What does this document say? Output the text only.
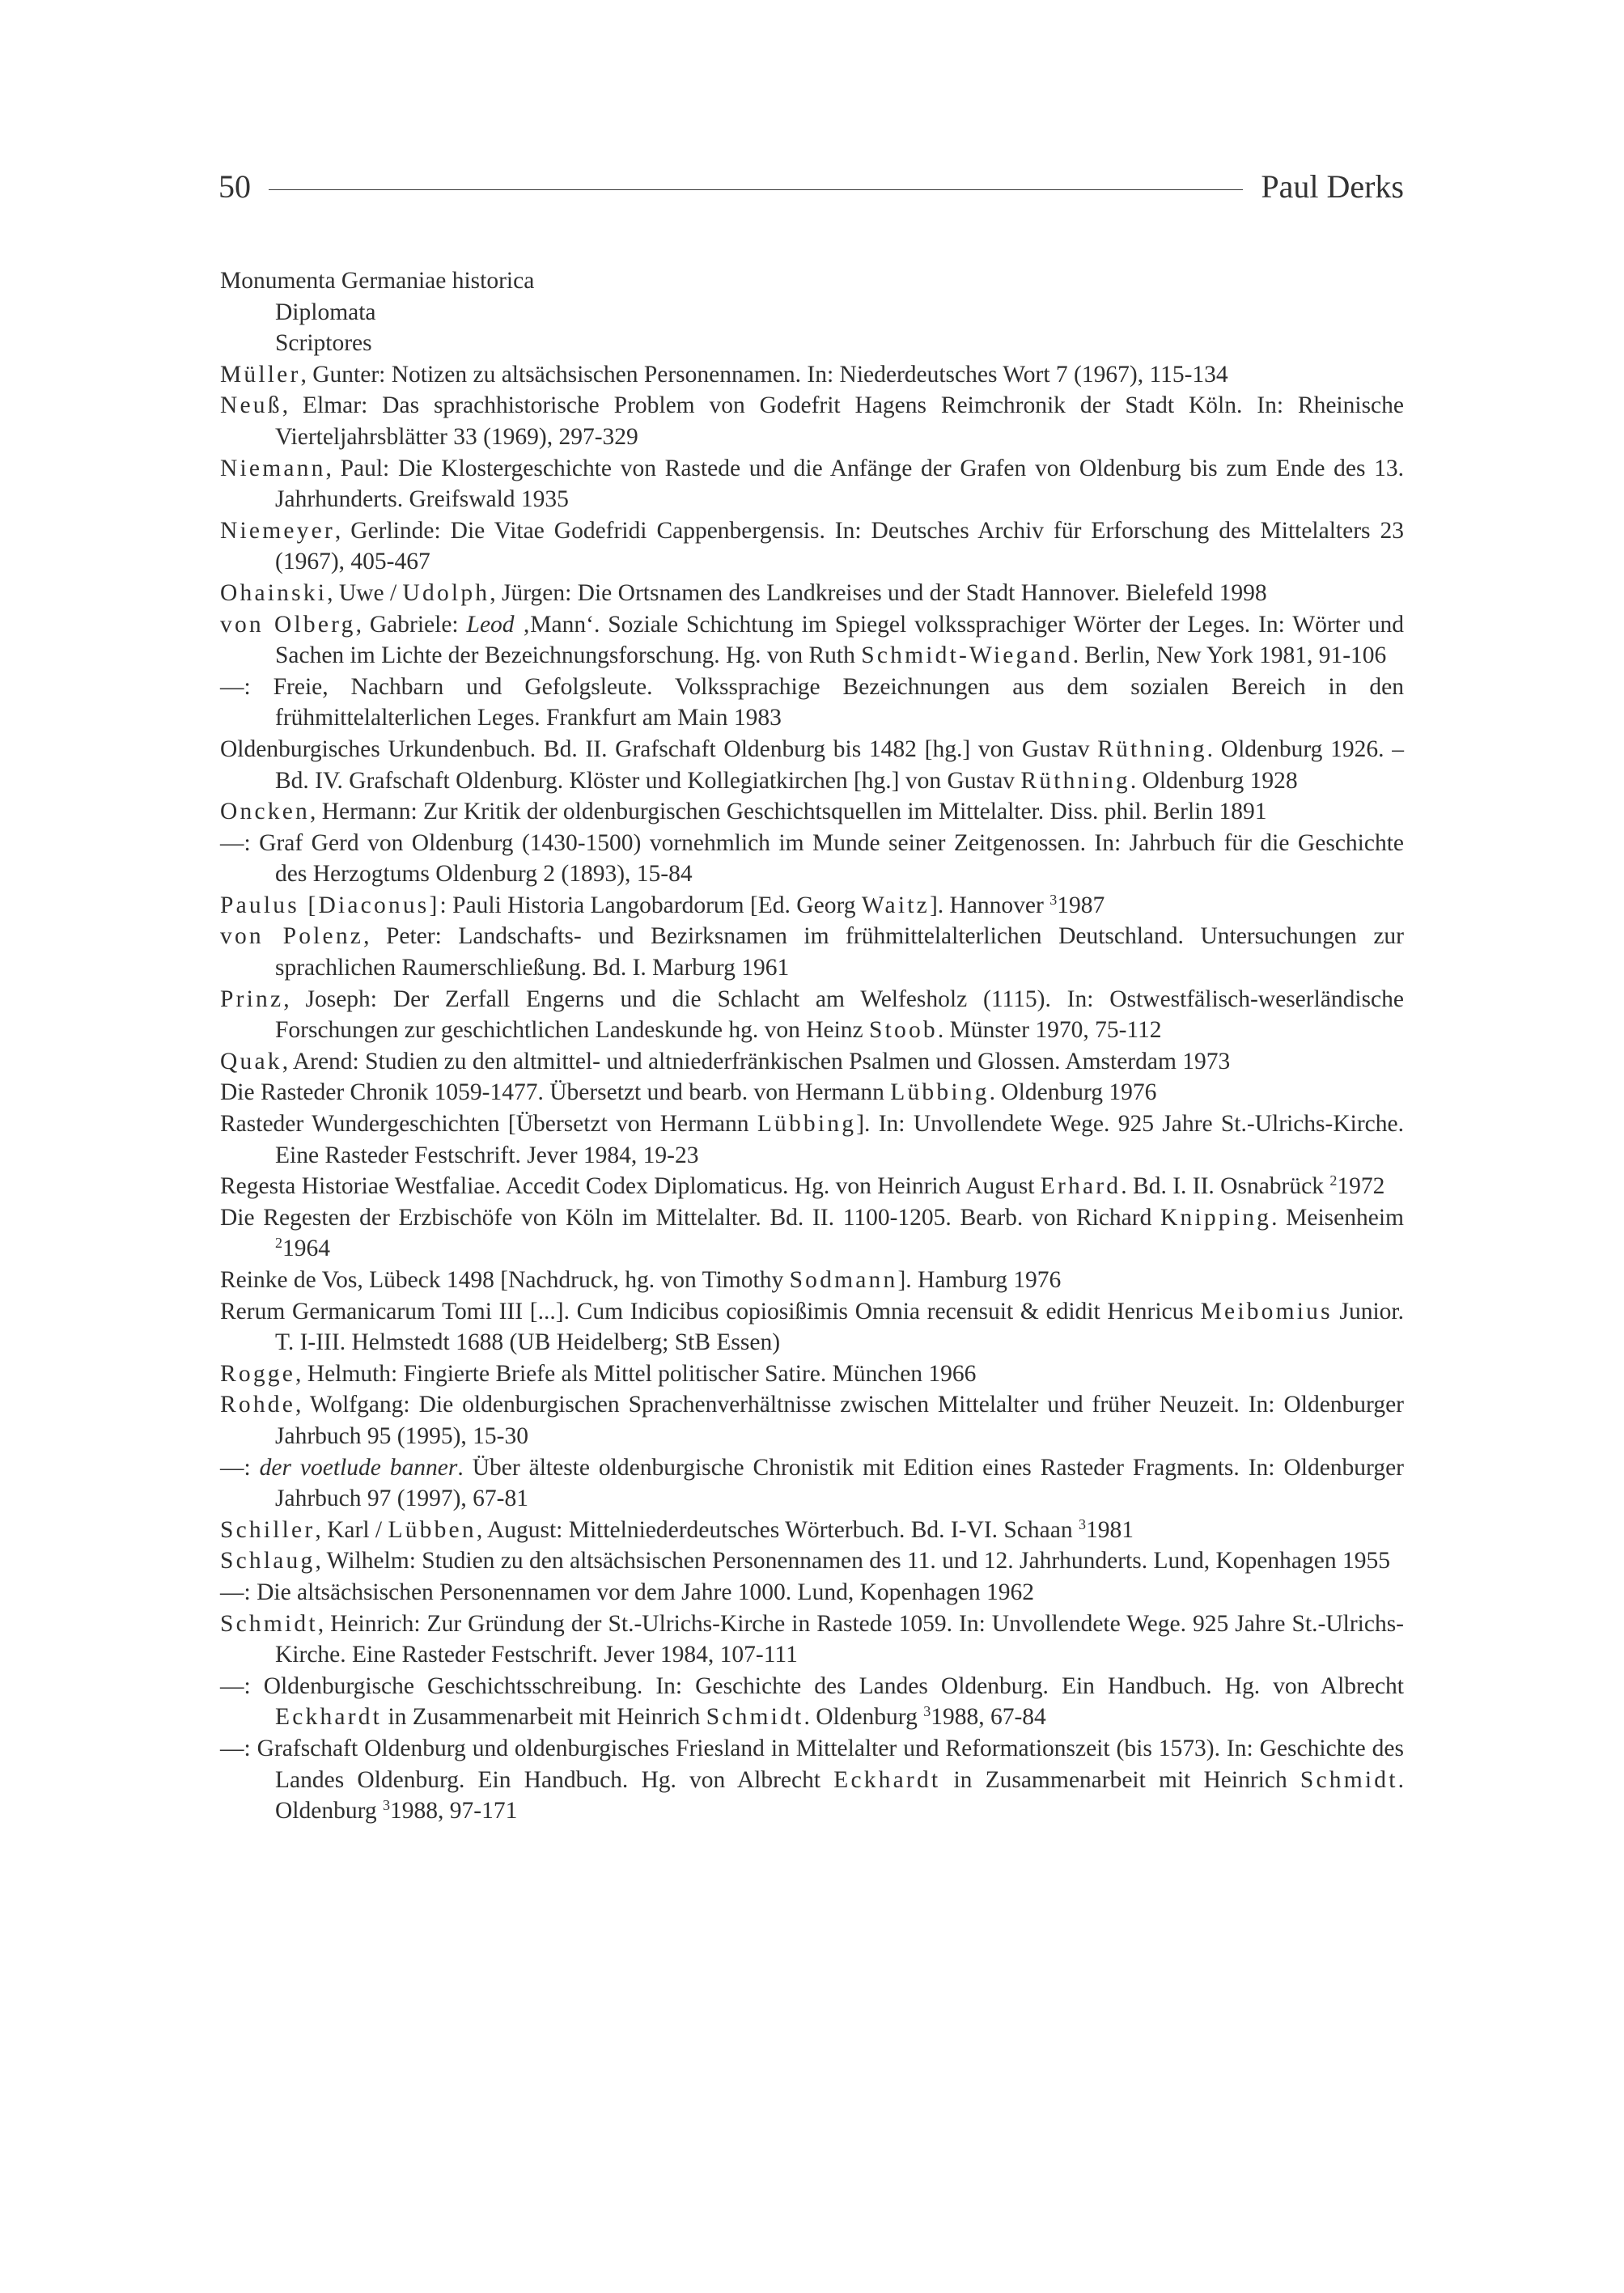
50	Paul Derks
Monumenta Germaniae historica
Diplomata
Scriptores
Müller, Gunter: Notizen zu altsächsischen Personennamen. In: Niederdeutsches Wort 7 (1967), 115-134
Neuß, Elmar: Das sprachhistorische Problem von Godefrit Hagens Reimchronik der Stadt Köln. In: Rheinische Vierteljahrsblätter 33 (1969), 297-329
Niemann, Paul: Die Klostergeschichte von Rastede und die Anfänge der Grafen von Oldenburg bis zum Ende des 13. Jahrhunderts. Greifswald 1935
Niemeyer, Gerlinde: Die Vitae Godefridi Cappenbergensis. In: Deutsches Archiv für Erforschung des Mittelalters 23 (1967), 405-467
Ohainski, Uwe / Udolph, Jürgen: Die Ortsnamen des Landkreises und der Stadt Hannover. Bielefeld 1998
von Olberg, Gabriele: Leod ‚Mann‘. Soziale Schichtung im Spiegel volkssprachiger Wörter der Leges. In: Wörter und Sachen im Lichte der Bezeichnungsforschung. Hg. von Ruth Schmidt-Wiegand. Berlin, New York 1981, 91-106
—: Freie, Nachbarn und Gefolgsleute. Volkssprachige Bezeichnungen aus dem sozialen Bereich in den frühmittelalterlichen Leges. Frankfurt am Main 1983
Oldenburgisches Urkundenbuch. Bd. II. Grafschaft Oldenburg bis 1482 [hg.] von Gustav Rüthning. Oldenburg 1926. – Bd. IV. Grafschaft Oldenburg. Klöster und Kollegiatkirchen [hg.] von Gustav Rüthning. Oldenburg 1928
Oncken, Hermann: Zur Kritik der oldenburgischen Geschichtsquellen im Mittelalter. Diss. phil. Berlin 1891
—: Graf Gerd von Oldenburg (1430-1500) vornehmlich im Munde seiner Zeitgenossen. In: Jahrbuch für die Geschichte des Herzogtums Oldenburg 2 (1893), 15-84
Paulus [Diaconus]: Pauli Historia Langobardorum [Ed. Georg Waitz]. Hannover $^3$1987
von Polenz, Peter: Landschafts- und Bezirksnamen im frühmittelalterlichen Deutschland. Untersuchungen zur sprachlichen Raumerschließung. Bd. I. Marburg 1961
Prinz, Joseph: Der Zerfall Engerns und die Schlacht am Welfesholz (1115). In: Ostwestfälisch-weserländische Forschungen zur geschichtlichen Landeskunde hg. von Heinz Stoob. Münster 1970, 75-112
Quak, Arend: Studien zu den altmittel- und altniederfränkischen Psalmen und Glossen. Amsterdam 1973
Die Rasteder Chronik 1059-1477. Übersetzt und bearb. von Hermann Lübbing. Oldenburg 1976
Rasteder Wundergeschichten [Übersetzt von Hermann Lübbing]. In: Unvollendete Wege. 925 Jahre St.-Ulrichs-Kirche. Eine Rasteder Festschrift. Jever 1984, 19-23
Regesta Historiae Westfaliae. Accedit Codex Diplomaticus. Hg. von Heinrich August Erhard. Bd. I. II. Osnabrück $^2$1972
Die Regesten der Erzbischöfe von Köln im Mittelalter. Bd. II. 1100-1205. Bearb. von Richard Knipping. Meisenheim $^2$1964
Reinke de Vos, Lübeck 1498 [Nachdruck, hg. von Timothy Sodmann]. Hamburg 1976
Rerum Germanicarum Tomi III [...]. Cum Indicibus copiosißimis Omnia recensuit & edidit Henricus Meibomius Junior. T. I-III. Helmstedt 1688 (UB Heidelberg; StB Essen)
Rogge, Helmuth: Fingierte Briefe als Mittel politischer Satire. München 1966
Rohde, Wolfgang: Die oldenburgischen Sprachenverhältnisse zwischen Mittelalter und früher Neuzeit. In: Oldenburger Jahrbuch 95 (1995), 15-30
—: der voetlude banner. Über älteste oldenburgische Chronistik mit Edition eines Rasteder Fragments. In: Oldenburger Jahrbuch 97 (1997), 67-81
Schiller, Karl / Lübben, August: Mittelniederdeutsches Wörterbuch. Bd. I-VI. Schaan $^3$1981
Schlaug, Wilhelm: Studien zu den altsächsischen Personennamen des 11. und 12. Jahrhunderts. Lund, Kopenhagen 1955
—: Die altsächsischen Personennamen vor dem Jahre 1000. Lund, Kopenhagen 1962
Schmidt, Heinrich: Zur Gründung der St.-Ulrichs-Kirche in Rastede 1059. In: Unvollendete Wege. 925 Jahre St.-Ulrichs-Kirche. Eine Rasteder Festschrift. Jever 1984, 107-111
—: Oldenburgische Geschichtsschreibung. In: Geschichte des Landes Oldenburg. Ein Handbuch. Hg. von Albrecht Eckhardt in Zusammenarbeit mit Heinrich Schmidt. Oldenburg $^3$1988, 67-84
—: Grafschaft Oldenburg und oldenburgisches Friesland in Mittelalter und Reformationszeit (bis 1573). In: Geschichte des Landes Oldenburg. Ein Handbuch. Hg. von Albrecht Eckhardt in Zusammenarbeit mit Heinrich Schmidt. Oldenburg $^3$1988, 97-171
